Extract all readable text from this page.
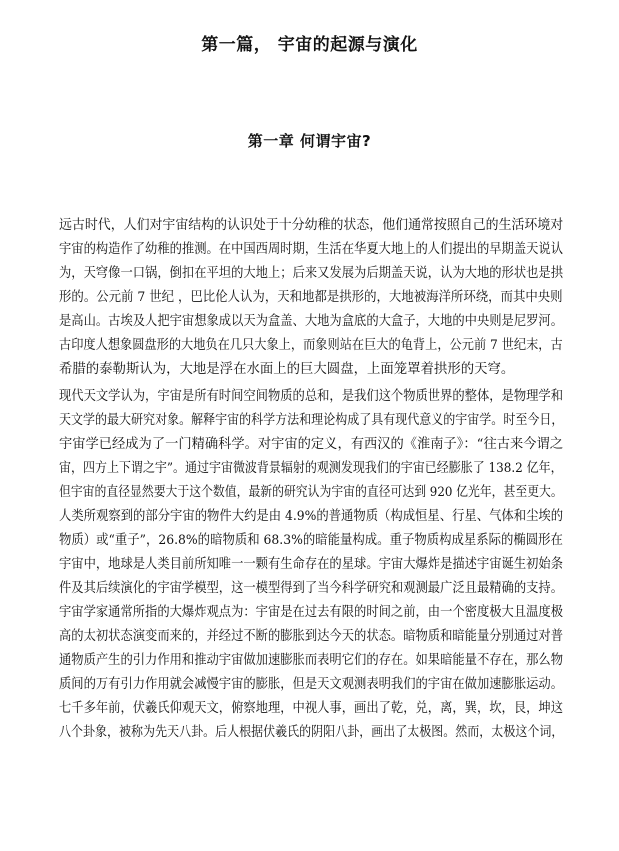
第一篇， 宇宙的起源与演化
第一章 何谓宇宙?
远古时代，人们对宇宙结构的认识处于十分幼稚的状态，他们通常按照自己的生活环境对
宇宙的构造作了幼稚的推测。在中国西周时期，生活在华夏大地上的人们提出的早期盖天说认
为，天穹像一口锅，倒扣在平坦的大地上；后来又发展为后期盖天说，认为大地的形状也是拱
形的。公元前 7 世纪 ，巴比伦人认为，天和地都是拱形的，大地被海洋所环绕，而其中央则
是高山。古埃及人把宇宙想象成以天为盒盖、大地为盒底的大盒子，大地的中央则是尼罗河。
古印度人想象圆盘形的大地负在几只大象上，而象则站在巨大的龟背上，公元前 7 世纪末，古
希腊的泰勒斯认为，大地是浮在水面上的巨大圆盘，上面笼罩着拱形的天穹。
现代天文学认为，宇宙是所有时间空间物质的总和，是我们这个物质世界的整体，是物理学和
天文学的最大研究对象。解释宇宙的科学方法和理论构成了具有现代意义的宇宙学。时至今日，
宇宙学已经成为了一门精确科学。对宇宙的定义，有西汉的《淮南子》：“往古来今谓之
宙，四方上下谓之宇”。通过宇宙微波背景辐射的观测发现我们的宇宙已经膨胀了 138.2 亿年，
但宇宙的直径显然要大于这个数值，最新的研究认为宇宙的直径可达到 920 亿光年，甚至更大。
人类所观察到的部分宇宙的物件大约是由 4.9%的普通物质（构成恒星、行星、气体和尘埃的
物质）或“重子”，26.8%的暗物质和 68.3%的暗能量构成。重子物质构成星系际的椭圆形在
宇宙中，地球是人类目前所知唯一一颗有生命存在的星球。宇宙大爆炸是描述宇宙诞生初始条
件及其后续演化的宇宙学模型，这一模型得到了当今科学研究和观测最广泛且最精确的支持。
宇宙学家通常所指的大爆炸观点为：宇宙是在过去有限的时间之前，由一个密度极大且温度极
高的太初状态演变而来的，并经过不断的膨胀到达今天的状态。暗物质和暗能量分别通过对普
通物质产生的引力作用和推动宇宙做加速膨胀而表明它们的存在。如果暗能量不存在，那么物
质间的万有引力作用就会减慢宇宙的膨胀，但是天文观测表明我们的宇宙在做加速膨胀运动。
七千多年前，伏羲氏仰观天文，俯察地理，中视人事，画出了乾，兑，离，巽，坎，艮，坤这
八个卦象，被称为先天八卦。后人根据伏羲氏的阴阳八卦，画出了太极图。然而，太极这个词，
